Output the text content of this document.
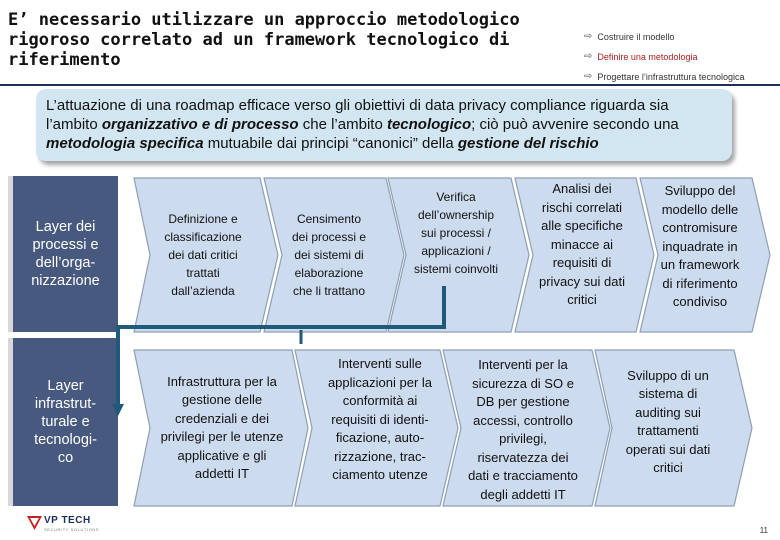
E’ necessario utilizzare un approccio metodologico
rigoroso correlato ad un framework tecnologico di
riferimento
⇨ Costruire il modello
⇨ Definire una metodologia
⇨ Progettare l’infrastruttura tecnologica
L’attuazione di una roadmap efficace verso gli obiettivi di data privacy compliance riguarda sia l’ambito organizzativo e di processo che l’ambito tecnologico; ciò può avvenire secondo una metodologia specifica mutuabile dai principi “canonici” della gestione del rischio
Layer dei
processi e
dell’orga-
nizzazione
Layer
infrastrut-
turale e
tecnologi-
co
Definizione e
classificazione
dei dati critici
trattati
dall’azienda
Censimento
dei processi e
dei sistemi di
elaborazione
che li trattano
Verifica
dell’ownership
sui processi /
applicazioni /
sistemi coinvolti
Analisi dei
rischi correlati
alle specifiche
minacce ai
requisiti di
privacy sui dati
critici
Sviluppo del
modello delle
contromisure
inquadrate in
un framework
di riferimento
condiviso
Infrastruttura per la
gestione delle
credenziali e dei
privilegi per le utenze
applicative e gli
addetti IT
Interventi sulle
applicazioni per la
conformità ai
requisiti di identi-
ficazione, auto-
rizzazione, trac-
ciamento utenze
Interventi per la
sicurezza di SO e
DB per gestione
accessi, controllo
privilegi,
riservatezza dei
dati e tracciamento
degli addetti IT
Sviluppo di un
sistema di
auditing sui
trattamenti
operati sui dati
critici
VP TECH
SECURITY SOLUTIONS	11
